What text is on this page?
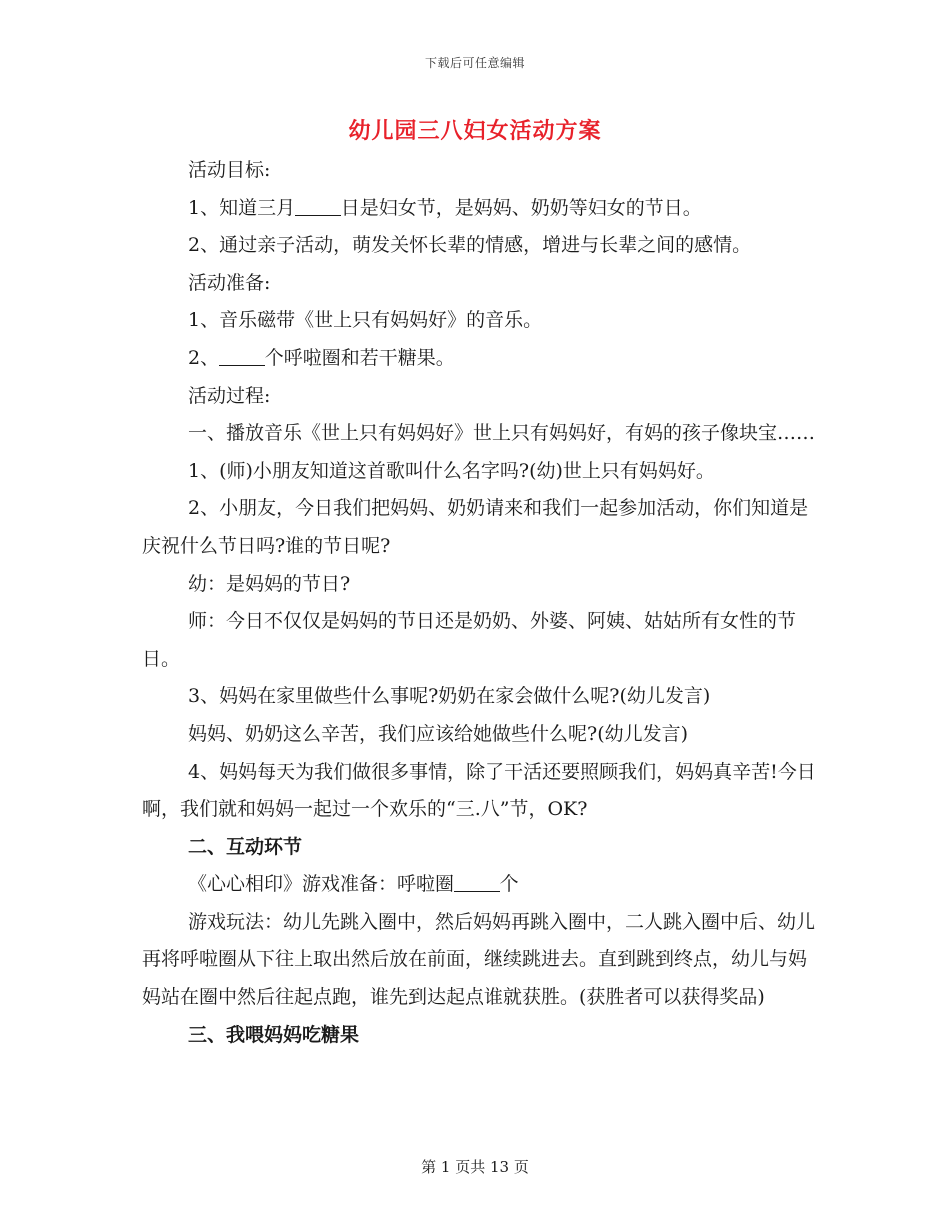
下载后可任意编辑
幼儿园三八妇女活动方案

活动目标:

1、知道三月 日是妇女节，是妈妈、奶奶等妇女的节日。

2、通过亲子活动，萌发关怀长辈的情感，增进与长辈之间的感情。

活动准备:

1、音乐磁带《世上只有妈妈好》的音乐。

2、 个呼啦圈和若干糖果。

活动过程:

一、播放音乐《世上只有妈妈好》世上只有妈妈好，有妈的孩子像块宝……

1、(师)小朋友知道这首歌叫什么名字吗?(幼)世上只有妈妈好。

2、小朋友，今日我们把妈妈、奶奶请来和我们一起参加活动，你们知道是庆祝什么节日吗?谁的节日呢?

幼：是妈妈的节日?

师：今日不仅仅是妈妈的节日还是奶奶、外婆、阿姨、姑姑所有女性的节日。

3、妈妈在家里做些什么事呢?奶奶在家会做什么呢?(幼儿发言)

妈妈、奶奶这么辛苦，我们应该给她做些什么呢?(幼儿发言)

4、妈妈每天为我们做很多事情，除了干活还要照顾我们，妈妈真辛苦!今日啊，我们就和妈妈一起过一个欢乐的“三.八”节，OK?

二、互动环节

《心心相印》游戏准备：呼啦圈 个

游戏玩法：幼儿先跳入圈中，然后妈妈再跳入圈中，二人跳入圈中后、幼儿再将呼啦圈从下往上取出然后放在前面，继续跳进去。直到跳到终点，幼儿与妈妈站在圈中然后往起点跑，谁先到达起点谁就获胜。(获胜者可以获得奖品)

三、我喂妈妈吃糖果

第 1 页共 13 页
